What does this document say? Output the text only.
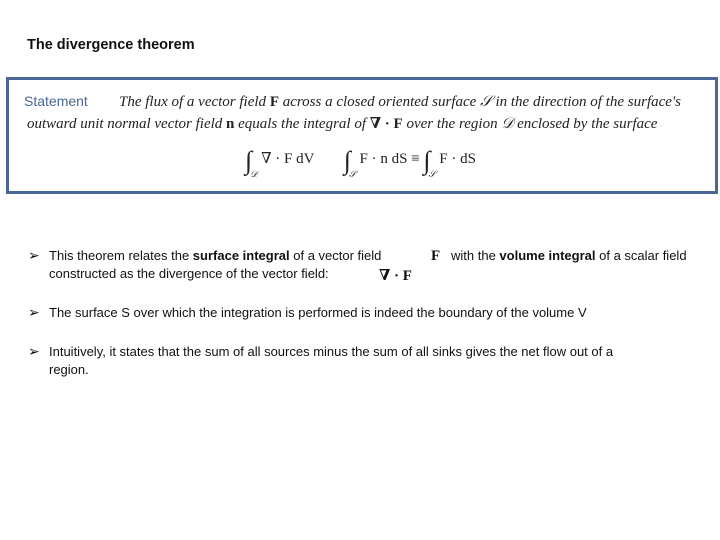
The divergence theorem
Statement The flux of a vector field F across a closed oriented surface 𝒮 in the direction of the surface's
outward unit normal vector field n equals the integral of ∇ · F over the region 𝒟 enclosed by the surface
$\int_𝒟$ ∇ · F dV $\int_𝒮$ F · n dS ≡ $\int_𝒮$ F · dS
➢ This theorem relates the surface integral of a vector field	F with the volume integral of a scalar field
constructed as the divergence of the vector field:	∇ · F
➢ The surface S over which the integration is performed is indeed the boundary of the volume V
➢ Intuitively, it states that the sum of all sources minus the sum of all sinks gives the net flow out of a
region.
